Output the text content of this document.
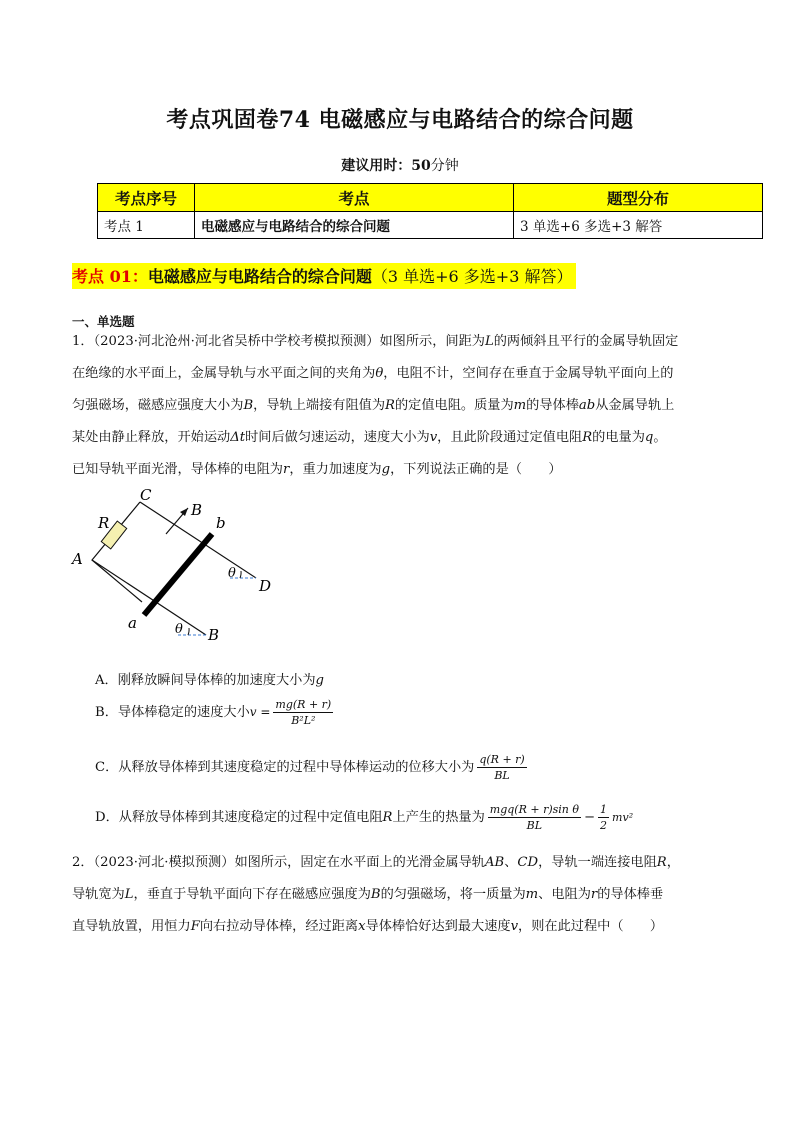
考点巩固卷74 电磁感应与电路结合的综合问题
建议用时：50分钟
考点序号	考点	题型分布
考点 1	电磁感应与电路结合的综合问题	3 单选+6 多选+3 解答
考点 01：电磁感应与电路结合的综合问题（3 单选+6 多选+3 解答）
一、单选题

1．（2023·河北沧州·河北省吴桥中学校考模拟预测）如图所示，间距为L的两倾斜且平行的金属导轨固定

在绝缘的水平面上，金属导轨与水平面之间的夹角为θ，电阻不计，空间存在垂直于金属导轨平面向上的

匀强磁场，磁感应强度大小为B，导轨上端接有阻值为R的定值电阻。质量为m的导体棒ab从金属导轨上

某处由静止释放，开始运动Δt时间后做匀速运动，速度大小为v，且此阶段通过定值电阻R的电量为q。

已知导轨平面光滑，导体棒的电阻为r，重力加速度为g，下列说法正确的是（　　）

C
B
b
R
A
θ
D
a	θ B
A．刚释放瞬间导体棒的加速度大小为g
B．导体棒稳定的速度大小$v = \frac{mg(R + r)}{\text{B²L²}}$
C．从释放导体棒到其速度稳定的过程中导体棒运动的位移大小为 $\frac{q(R + r)}{BL}$
D．从释放导体棒到其速度稳定的过程中定值电阻R上产生的热量为 $\frac{\text{mgq(R + r)sin θ}}{BL} - \frac{1}{2} mv^2$

2．（2023·河北·模拟预测）如图所示，固定在水平面上的光滑金属导轨AB、CD，导轨一端连接电阻R，

导轨宽为L，垂直于导轨平面向下存在磁感应强度为B的匀强磁场，将一质量为m、电阻为r的导体棒垂

直导轨放置，用恒力F向右拉动导体棒，经过距离x导体棒恰好达到最大速度v，则在此过程中（　　）
